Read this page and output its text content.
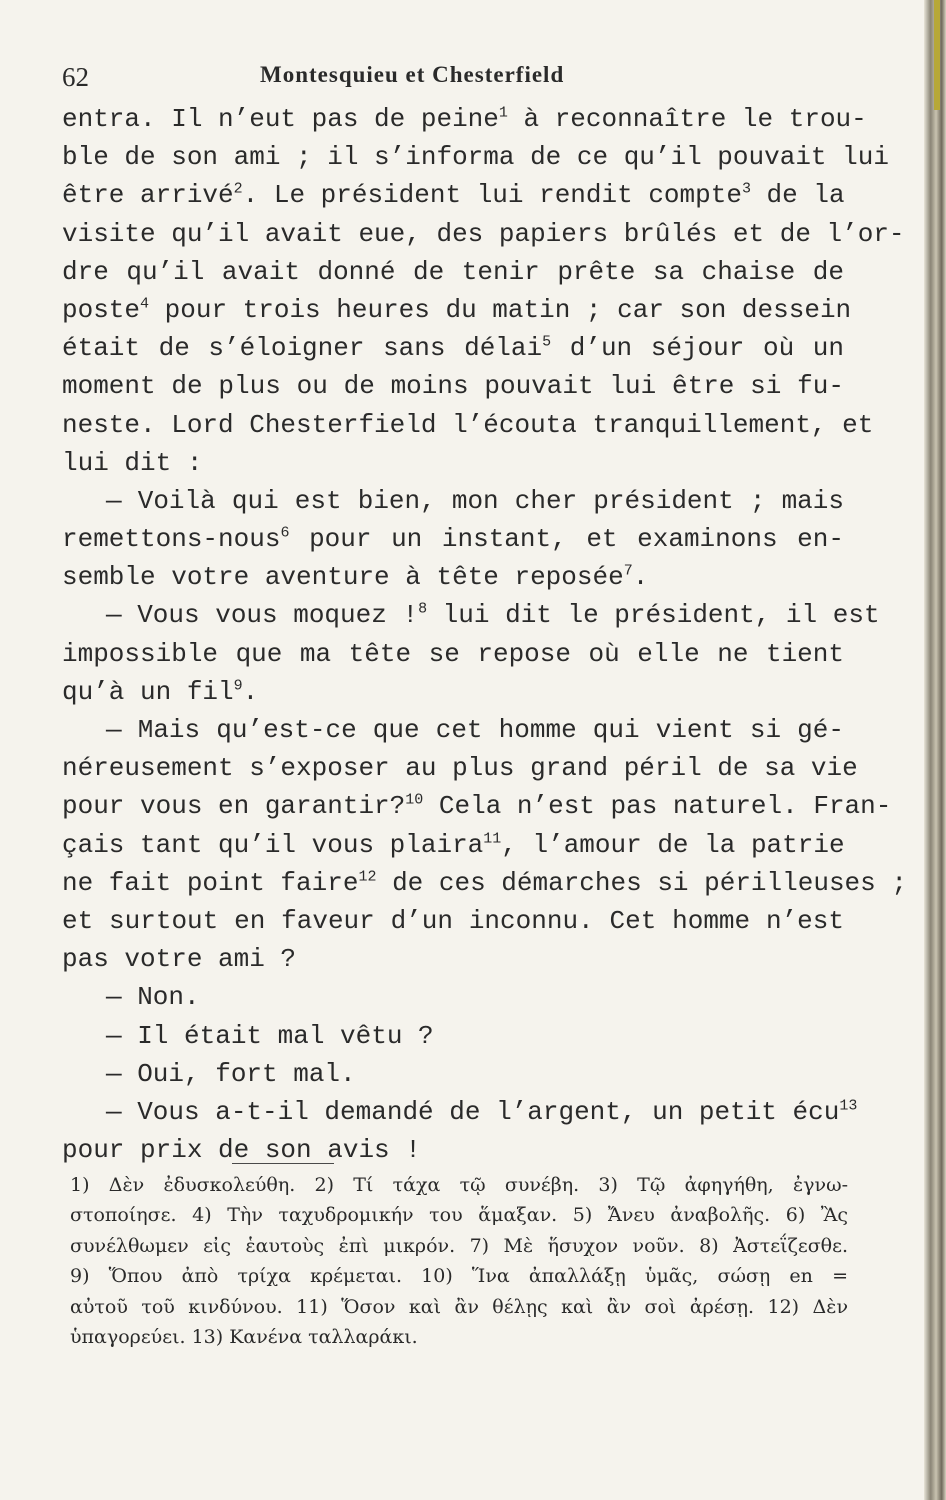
62	Montesquieu et Chesterfield
entra. Il n’eut pas de peine$^1$ à reconnaître le trou-
ble de son ami ; il s’informa de ce qu’il pouvait lui
être arrivé$^2$. Le président lui rendit compte$^3$ de la
visite qu’il avait eue, des papiers brûlés et de l’or-
dre qu’il avait donné de tenir prête sa chaise de
poste$^4$ pour trois heures du matin ; car son dessein
était de s’éloigner sans délai$^5$ d’un séjour où un
moment de plus ou de moins pouvait lui être si fu-
neste. Lord Chesterfield l’écouta tranquillement, et
lui dit :
— Voilà qui est bien, mon cher président ; mais
remettons-nous$^6$ pour un instant, et examinons en-
semble votre aventure à tête reposée$^7$.
— Vous vous moquez !$^8$ lui dit le président, il est
impossible que ma tête se repose où elle ne tient
qu’à un fil$^9$.
— Mais qu’est-ce que cet homme qui vient si gé-
néreusement s’exposer au plus grand péril de sa vie
pour vous en garantir?$^{10}$ Cela n’est pas naturel. Fran-
çais tant qu’il vous plaira$^{11}$, l’amour de la patrie
ne fait point faire$^{12}$ de ces démarches si périlleuses ;
et surtout en faveur d’un inconnu. Cet homme n’est
pas votre ami ?
— Non.
— Il était mal vêtu ?
— Oui, fort mal.
— Vous a-t-il demandé de l’argent, un petit écu$^{13}$
pour prix de son avis !
1) Δὲν ἐδυσκολεύθη. 2) Τί τάχα τῷ συνέβη. 3) Τῷ ἀφηγήθη, ἐγνω-
στοποίησε. 4) Τὴν ταχυδρομικήν του ἅμαξαν. 5) Ἄνευ ἀναβολῆς. 6) Ἂς
συνέλθωμεν εἰς ἑαυτοὺς ἐπὶ μικρόν. 7) Μὲ ἥσυχον νοῦν. 8) Ἀστεΐζεσθε.
9) Ὅπου ἀπὸ τρίχα κρέμεται. 10) Ἵνα ἀπαλλάξῃ ὑμᾶς, σώσῃ en =
αὐτοῦ τοῦ κινδύνου. 11) Ὅσον καὶ ἂν θέλῃς καὶ ἂν σοὶ ἀρέσῃ. 12) Δὲν
ὑπαγορεύει. 13) Κανένα ταλλαράκι.
